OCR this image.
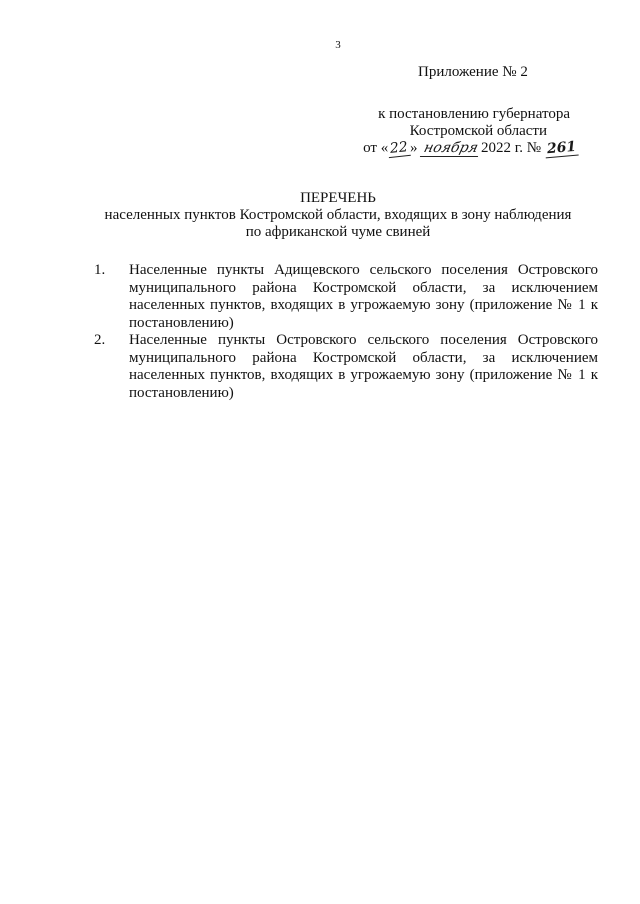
3
Приложение № 2
к постановлению губернатора
Костромской области
от «22» ноября2022 г. № 261
ПЕРЕЧЕНЬ
населенных пунктов Костромской области, входящих в зону наблюдения
по африканской чуме свиней
1. Населенные пункты Адищевского сельского поселения Островского муниципального района Костромской области, за исключением населенных пунктов, входящих в угрожаемую зону (приложение № 1 к постановлению)
2. Населенные пункты Островского сельского поселения Островского муниципального района Костромской области, за исключением населенных пунктов, входящих в угрожаемую зону (приложение № 1 к постановлению)
